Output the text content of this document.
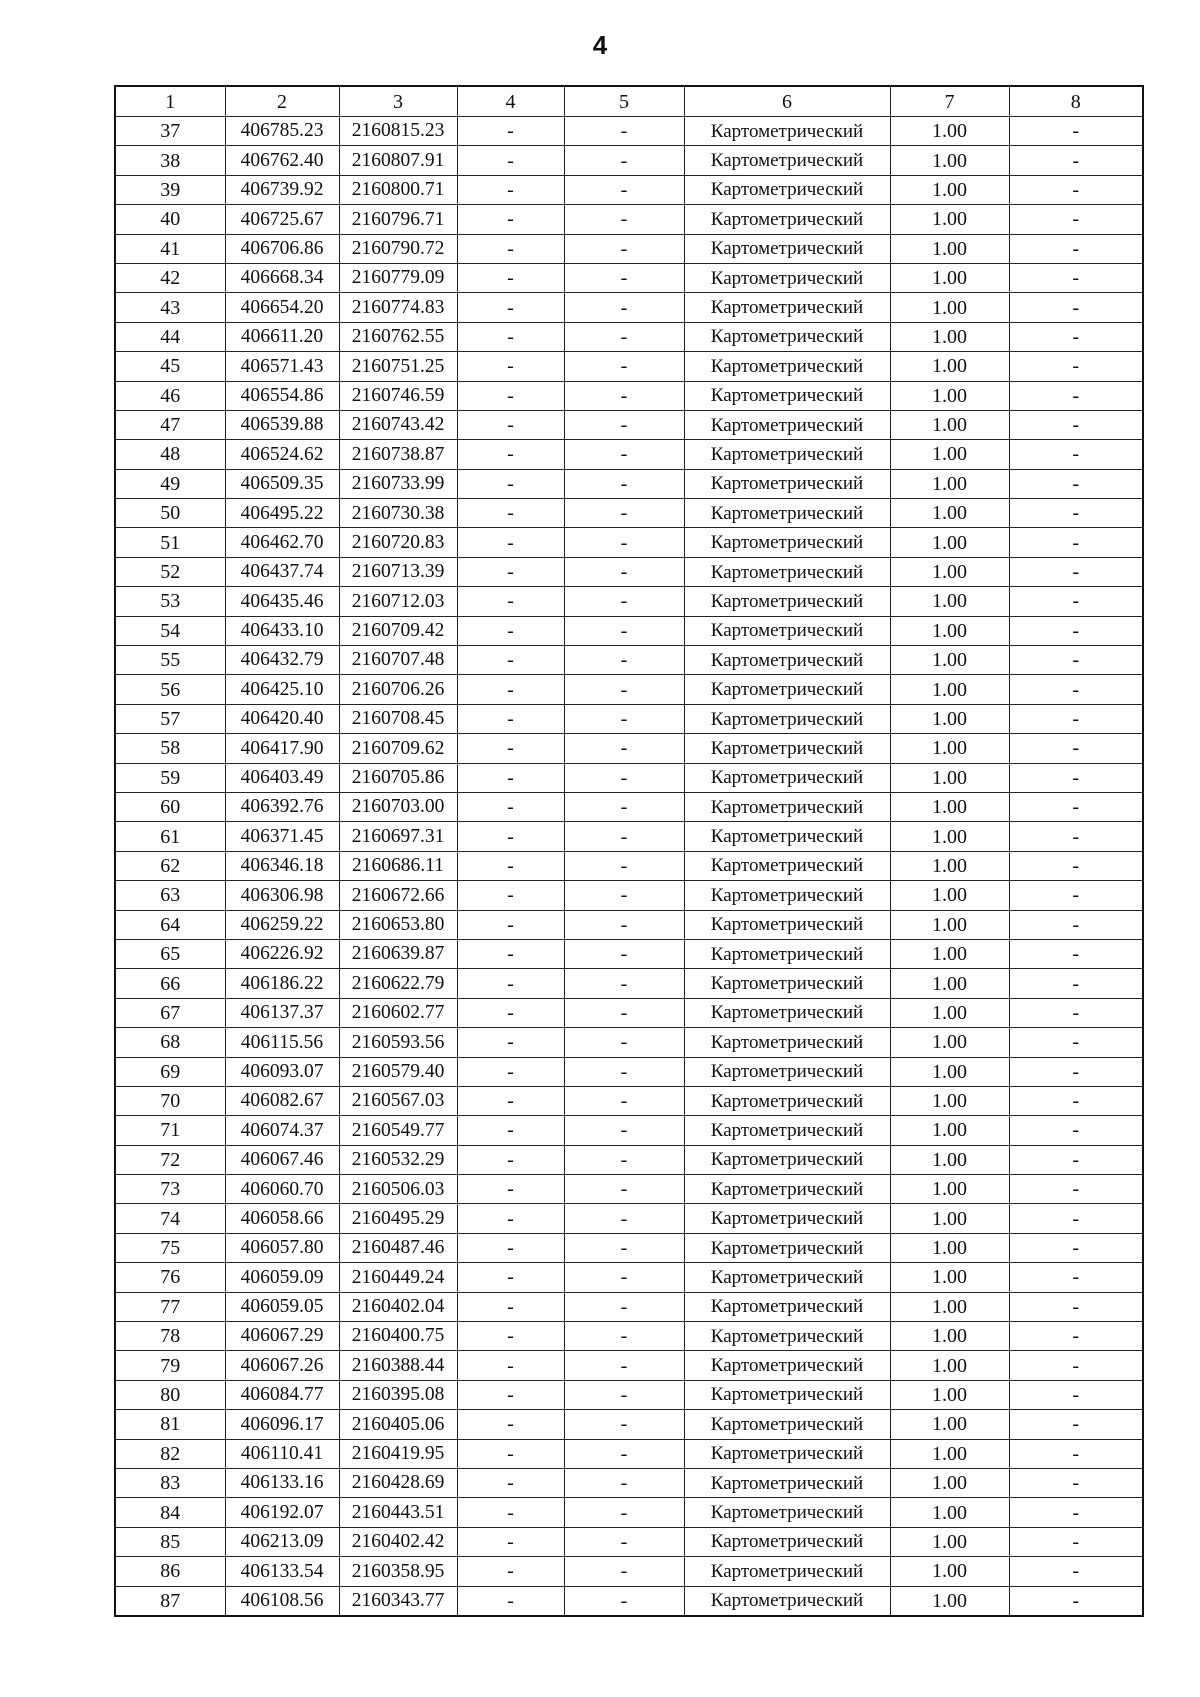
4
1	2	3	4	5	6	7	8
37	406785.23	2160815.23	-	-	Картометрический	1.00	-
38	406762.40	2160807.91	-	-	Картометрический	1.00	-
39	406739.92	2160800.71	-	-	Картометрический	1.00	-
40	406725.67	2160796.71	-	-	Картометрический	1.00	-
41	406706.86	2160790.72	-	-	Картометрический	1.00	-
42	406668.34	2160779.09	-	-	Картометрический	1.00	-
43	406654.20	2160774.83	-	-	Картометрический	1.00	-
44	406611.20	2160762.55	-	-	Картометрический	1.00	-
45	406571.43	2160751.25	-	-	Картометрический	1.00	-
46	406554.86	2160746.59	-	-	Картометрический	1.00	-
47	406539.88	2160743.42	-	-	Картометрический	1.00	-
48	406524.62	2160738.87	-	-	Картометрический	1.00	-
49	406509.35	2160733.99	-	-	Картометрический	1.00	-
50	406495.22	2160730.38	-	-	Картометрический	1.00	-
51	406462.70	2160720.83	-	-	Картометрический	1.00	-
52	406437.74	2160713.39	-	-	Картометрический	1.00	-
53	406435.46	2160712.03	-	-	Картометрический	1.00	-
54	406433.10	2160709.42	-	-	Картометрический	1.00	-
55	406432.79	2160707.48	-	-	Картометрический	1.00	-
56	406425.10	2160706.26	-	-	Картометрический	1.00	-
57	406420.40	2160708.45	-	-	Картометрический	1.00	-
58	406417.90	2160709.62	-	-	Картометрический	1.00	-
59	406403.49	2160705.86	-	-	Картометрический	1.00	-
60	406392.76	2160703.00	-	-	Картометрический	1.00	-
61	406371.45	2160697.31	-	-	Картометрический	1.00	-
62	406346.18	2160686.11	-	-	Картометрический	1.00	-
63	406306.98	2160672.66	-	-	Картометрический	1.00	-
64	406259.22	2160653.80	-	-	Картометрический	1.00	-
65	406226.92	2160639.87	-	-	Картометрический	1.00	-
66	406186.22	2160622.79	-	-	Картометрический	1.00	-
67	406137.37	2160602.77	-	-	Картометрический	1.00	-
68	406115.56	2160593.56	-	-	Картометрический	1.00	-
69	406093.07	2160579.40	-	-	Картометрический	1.00	-
70	406082.67	2160567.03	-	-	Картометрический	1.00	-
71	406074.37	2160549.77	-	-	Картометрический	1.00	-
72	406067.46	2160532.29	-	-	Картометрический	1.00	-
73	406060.70	2160506.03	-	-	Картометрический	1.00	-
74	406058.66	2160495.29	-	-	Картометрический	1.00	-
75	406057.80	2160487.46	-	-	Картометрический	1.00	-
76	406059.09	2160449.24	-	-	Картометрический	1.00	-
77	406059.05	2160402.04	-	-	Картометрический	1.00	-
78	406067.29	2160400.75	-	-	Картометрический	1.00	-
79	406067.26	2160388.44	-	-	Картометрический	1.00	-
80	406084.77	2160395.08	-	-	Картометрический	1.00	-
81	406096.17	2160405.06	-	-	Картометрический	1.00	-
82	406110.41	2160419.95	-	-	Картометрический	1.00	-
83	406133.16	2160428.69	-	-	Картометрический	1.00	-
84	406192.07	2160443.51	-	-	Картометрический	1.00	-
85	406213.09	2160402.42	-	-	Картометрический	1.00	-
86	406133.54	2160358.95	-	-	Картометрический	1.00	-
87	406108.56	2160343.77	-	-	Картометрический	1.00	-
